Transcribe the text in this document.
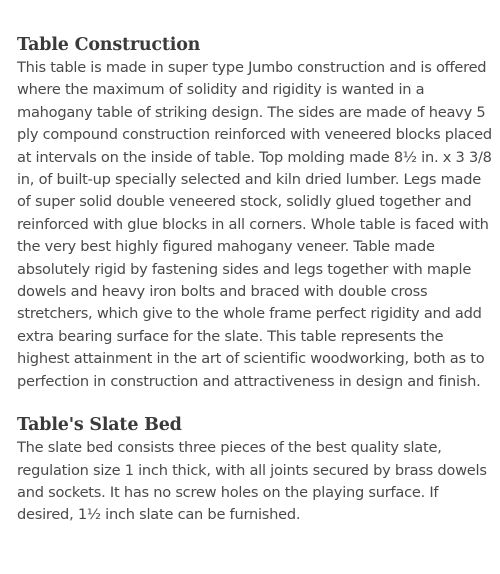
Table Construction

This table is made in super type Jumbo construction and is offered where the maximum of solidity and rigidity is wanted in a mahogany table of striking design. The sides are made of heavy 5 ply compound construction reinforced with veneered blocks placed at intervals on the inside of table. Top molding made 8½ in. x 3 3/8 in, of built-up specially selected and kiln dried lumber. Legs made of super solid double veneered stock, solidly glued together and reinforced with glue blocks in all corners. Whole table is faced with the very best highly figured mahogany veneer. Table made absolutely rigid by fastening sides and legs together with maple dowels and heavy iron bolts and braced with double cross stretchers, which give to the whole frame perfect rigidity and add extra bearing surface for the slate. This table represents the highest attainment in the art of scientific woodworking, both as to perfection in construction and attractiveness in design and finish.

Table's Slate Bed

The slate bed consists three pieces of the best quality slate, regulation size 1 inch thick, with all joints secured by brass dowels and sockets. It has no screw holes on the playing surface. If desired, 1½ inch slate can be furnished.
